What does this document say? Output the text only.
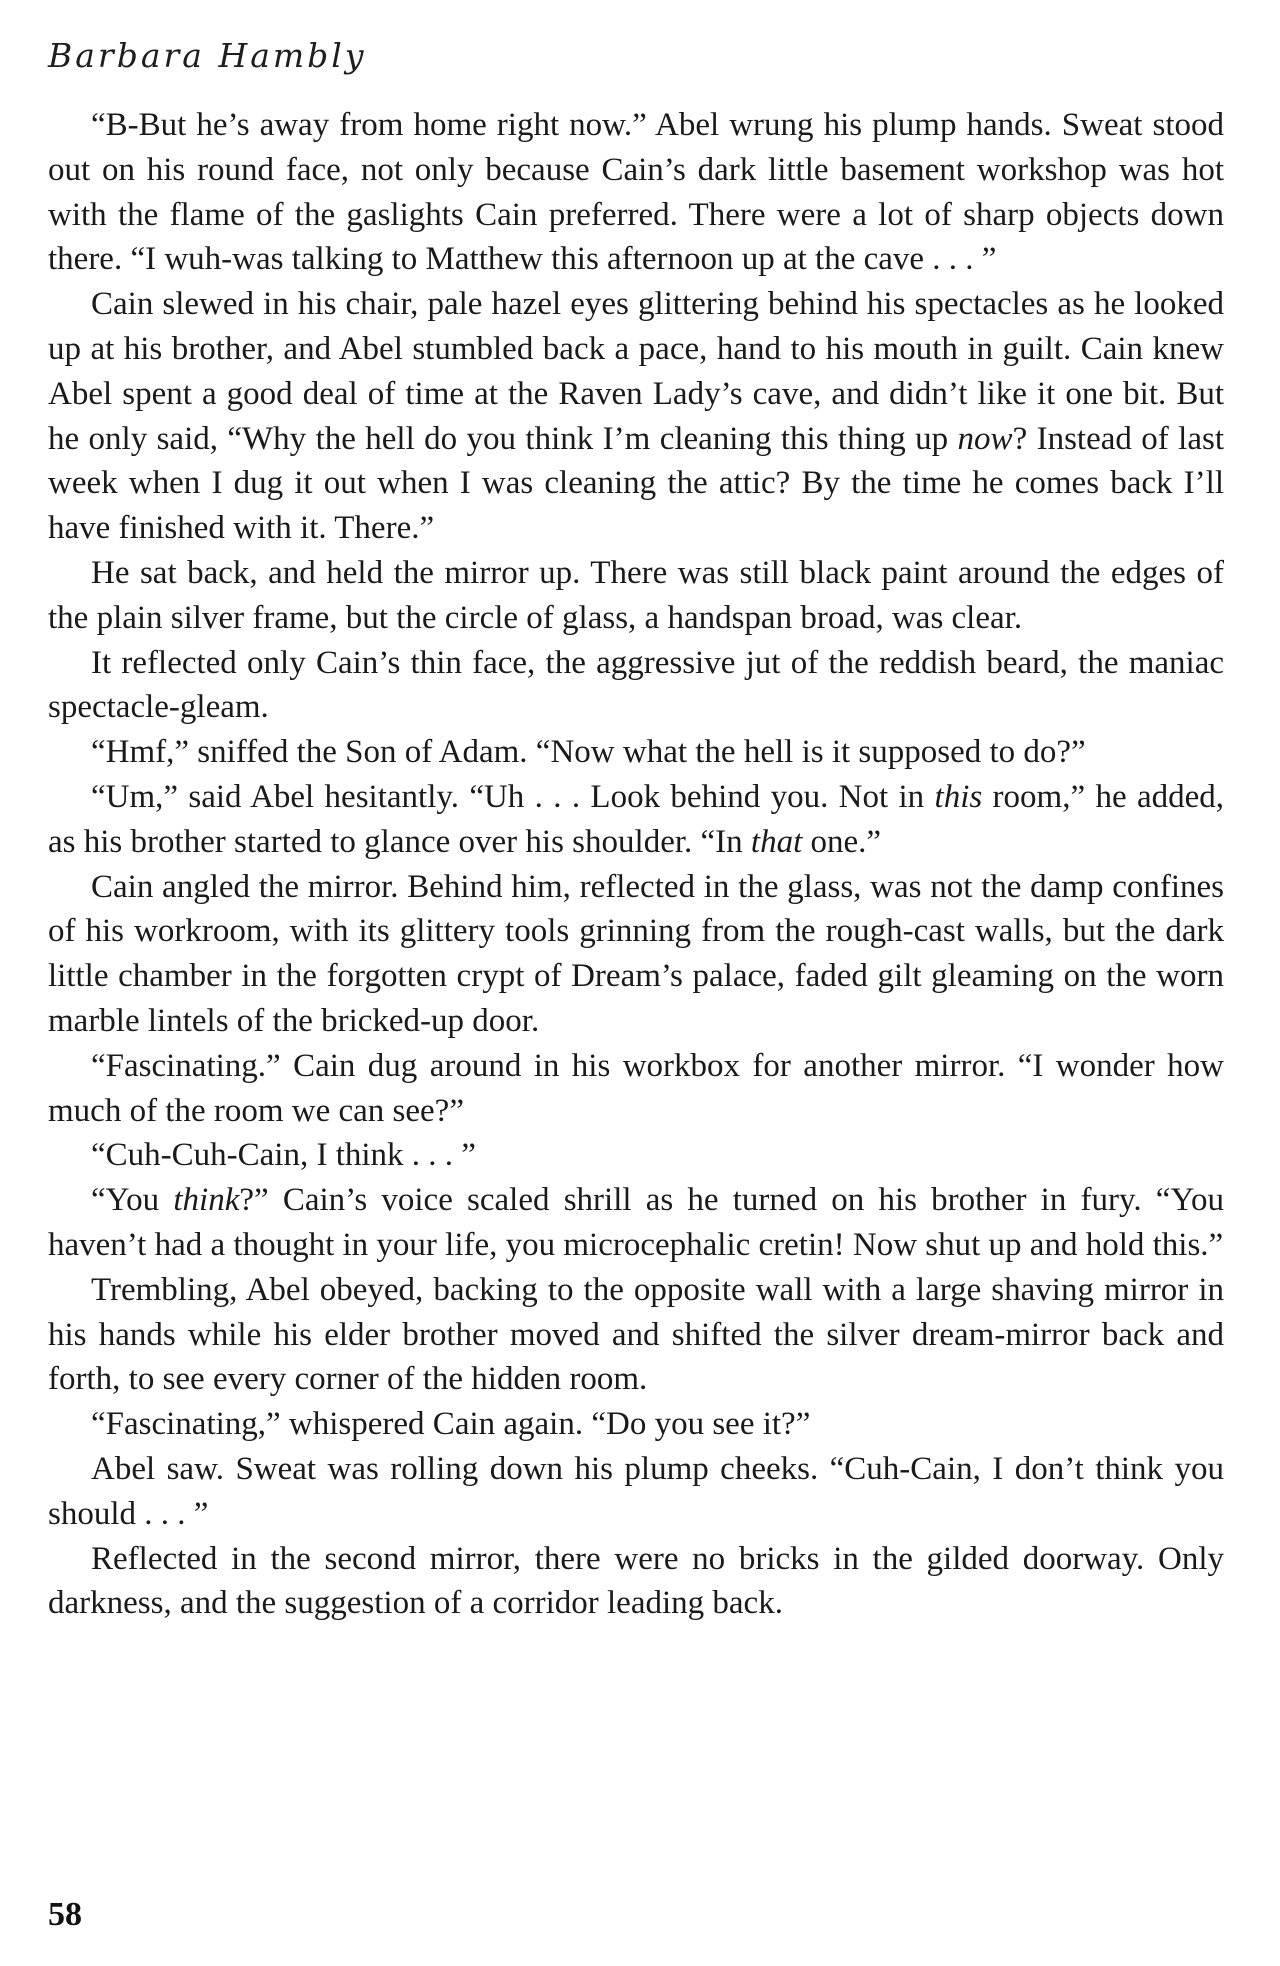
Barbara Hambly

“B-But he’s away from home right now.” Abel wrung his plump hands. Sweat stood out on his round face, not only because Cain’s dark little basement workshop was hot with the flame of the gaslights Cain preferred. There were a lot of sharp objects down there. “I wuh-was talking to Matthew this afternoon up at the cave . . . ”

Cain slewed in his chair, pale hazel eyes glittering behind his spectacles as he looked up at his brother, and Abel stumbled back a pace, hand to his mouth in guilt. Cain knew Abel spent a good deal of time at the Raven Lady’s cave, and didn’t like it one bit. But he only said, “Why the hell do you think I’m cleaning this thing up now? Instead of last week when I dug it out when I was cleaning the attic? By the time he comes back I’ll have finished with it. There.”

He sat back, and held the mirror up. There was still black paint around the edges of the plain silver frame, but the circle of glass, a handspan broad, was clear.

It reflected only Cain’s thin face, the aggressive jut of the reddish beard, the maniac spectacle-gleam.

“Hmf,” sniffed the Son of Adam. “Now what the hell is it supposed to do?”

“Um,” said Abel hesitantly. “Uh . . . Look behind you. Not in this room,” he added, as his brother started to glance over his shoulder. “In that one.”

Cain angled the mirror. Behind him, reflected in the glass, was not the damp confines of his workroom, with its glittery tools grinning from the rough-cast walls, but the dark little chamber in the forgotten crypt of Dream’s palace, faded gilt gleaming on the worn marble lintels of the bricked-up door.

“Fascinating.” Cain dug around in his workbox for another mirror. “I wonder how much of the room we can see?”

“Cuh-Cuh-Cain, I think . . . ”

“You think?” Cain’s voice scaled shrill as he turned on his brother in fury. “You haven’t had a thought in your life, you microcephalic cretin! Now shut up and hold this.”

Trembling, Abel obeyed, backing to the opposite wall with a large shaving mirror in his hands while his elder brother moved and shifted the silver dream-mirror back and forth, to see every corner of the hidden room.

“Fascinating,” whispered Cain again. “Do you see it?”

Abel saw. Sweat was rolling down his plump cheeks. “Cuh-Cain, I don’t think you should . . . ”

Reflected in the second mirror, there were no bricks in the gilded doorway. Only darkness, and the suggestion of a corridor leading back.

58
